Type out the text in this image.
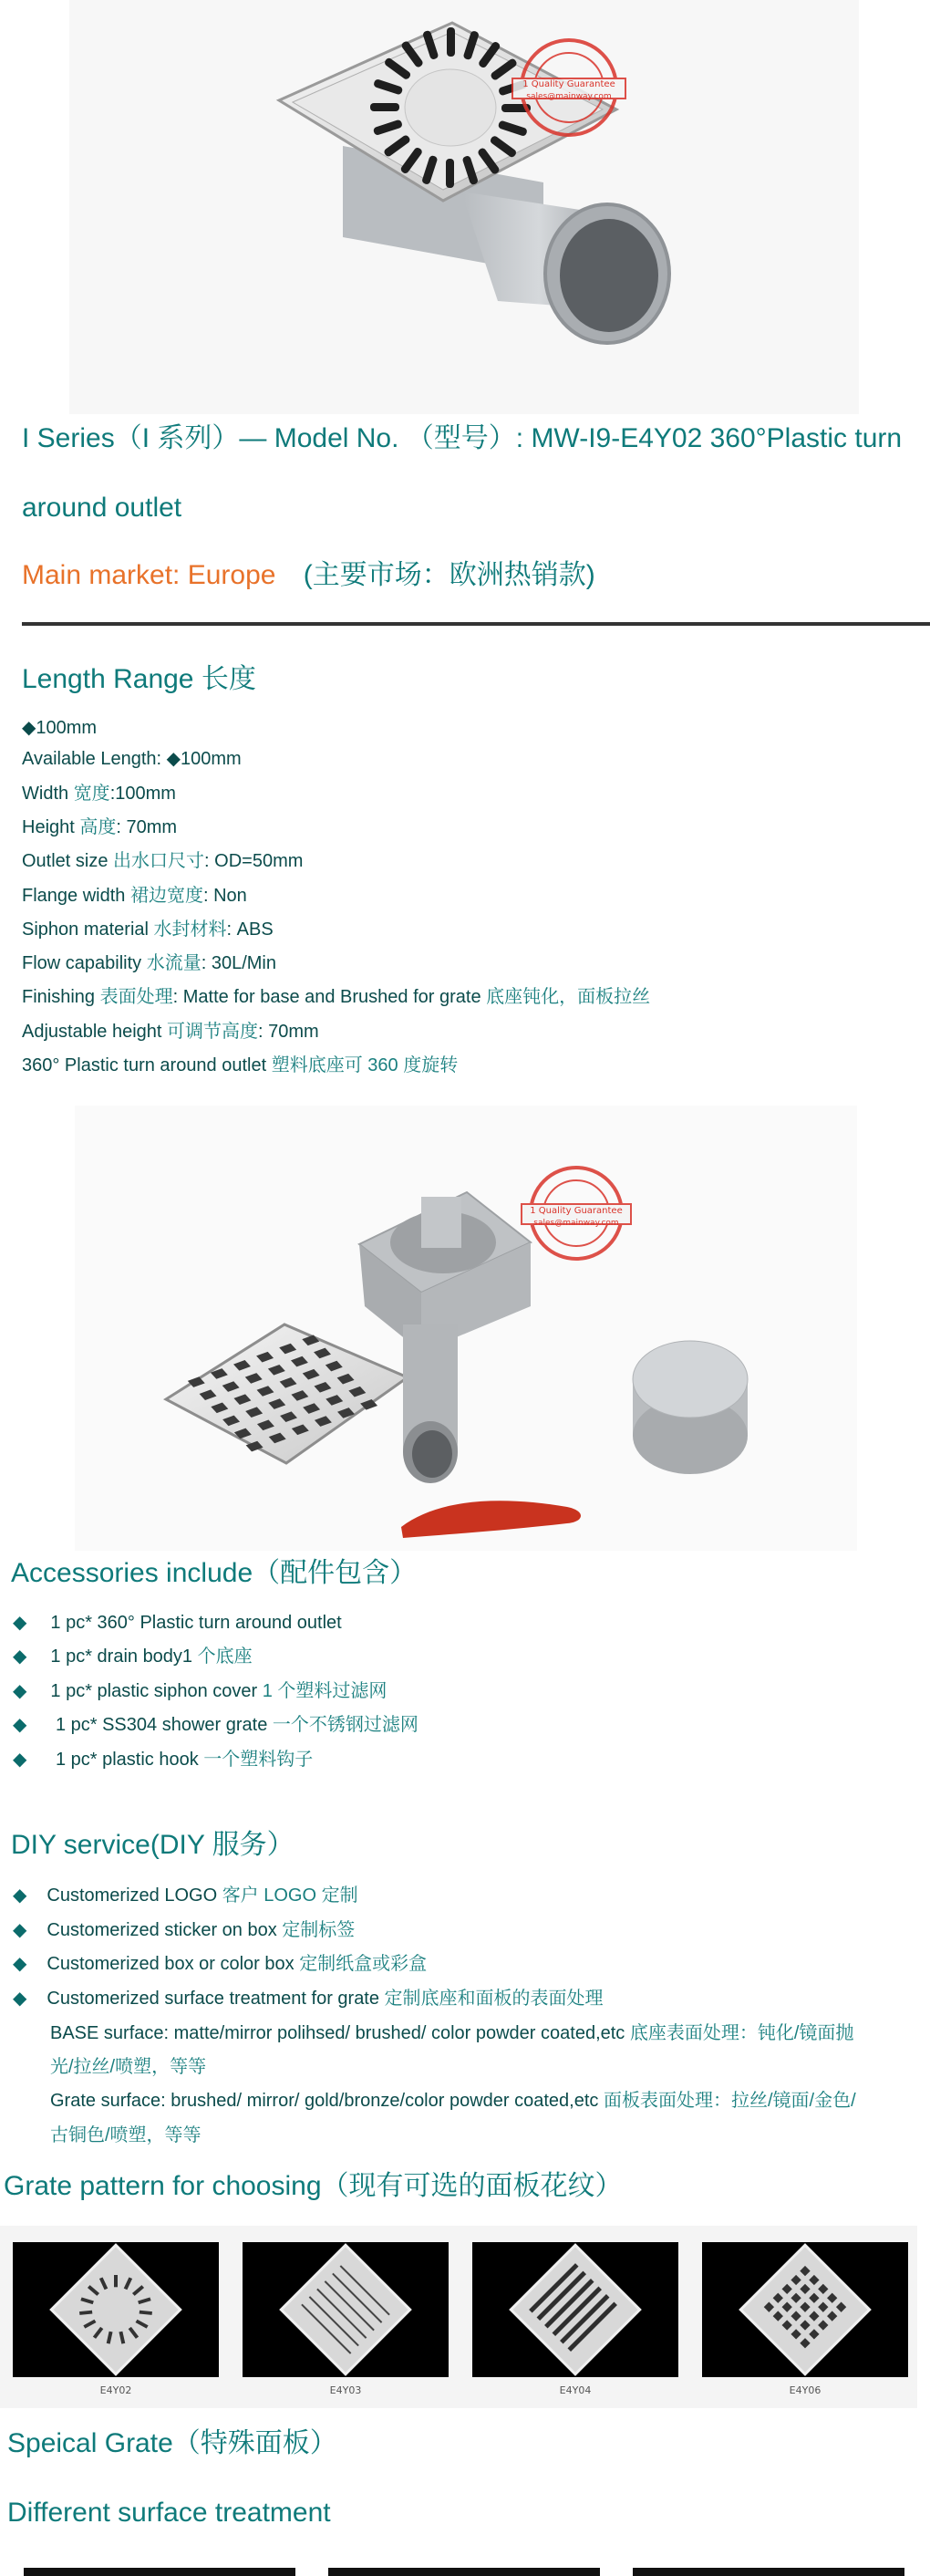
1 Quality Guarantee
sales@mainway.com
I Series（I 系列）— Model No. （型号）: MW-I9-E4Y02 360°Plastic turn
around outlet
Main market: Europe (主要市场：欧洲热销款)
Length Range 长度
◆100mm
Available Length: ◆100mm
Width 宽度:100mm
Height 高度: 70mm
Outlet size 出水口尺寸: OD=50mm
Flange width 裙边宽度: Non
Siphon material 水封材料: ABS
Flow capability 水流量: 30L/Min
Finishing 表面处理: Matte for base and Brushed for grate 底座钝化，面板拉丝
Adjustable height 可调节高度: 70mm
360° Plastic turn around outlet 塑料底座可 360 度旋转
1 Quality Guarantee
sales@mainway.com
Accessories include（配件包含）
◆ 1 pc* 360° Plastic turn around outlet
◆ 1 pc* drain body1 个底座
◆ 1 pc* plastic siphon cover 1 个塑料过滤网
◆ 1 pc* SS304 shower grate 一个不锈钢过滤网
◆ 1 pc* plastic hook 一个塑料钩子
DIY service(DIY 服务）
◆ Customerized LOGO 客户 LOGO 定制
◆ Customerized sticker on box 定制标签
◆ Customerized box or color box 定制纸盒或彩盒
◆ Customerized surface treatment for grate 定制底座和面板的表面处理
BASE surface: matte/mirror polihsed/ brushed/ color powder coated,etc 底座表面处理：钝化/镜面抛
光/拉丝/喷塑，等等
Grate surface: brushed/ mirror/ gold/bronze/color powder coated,etc 面板表面处理：拉丝/镜面/金色/
古铜色/喷塑，等等
Grate pattern for choosing（现有可选的面板花纹）
E4Y02	E4Y03	E4Y04	E4Y06
Speical Grate（特殊面板）
Different surface treatment
